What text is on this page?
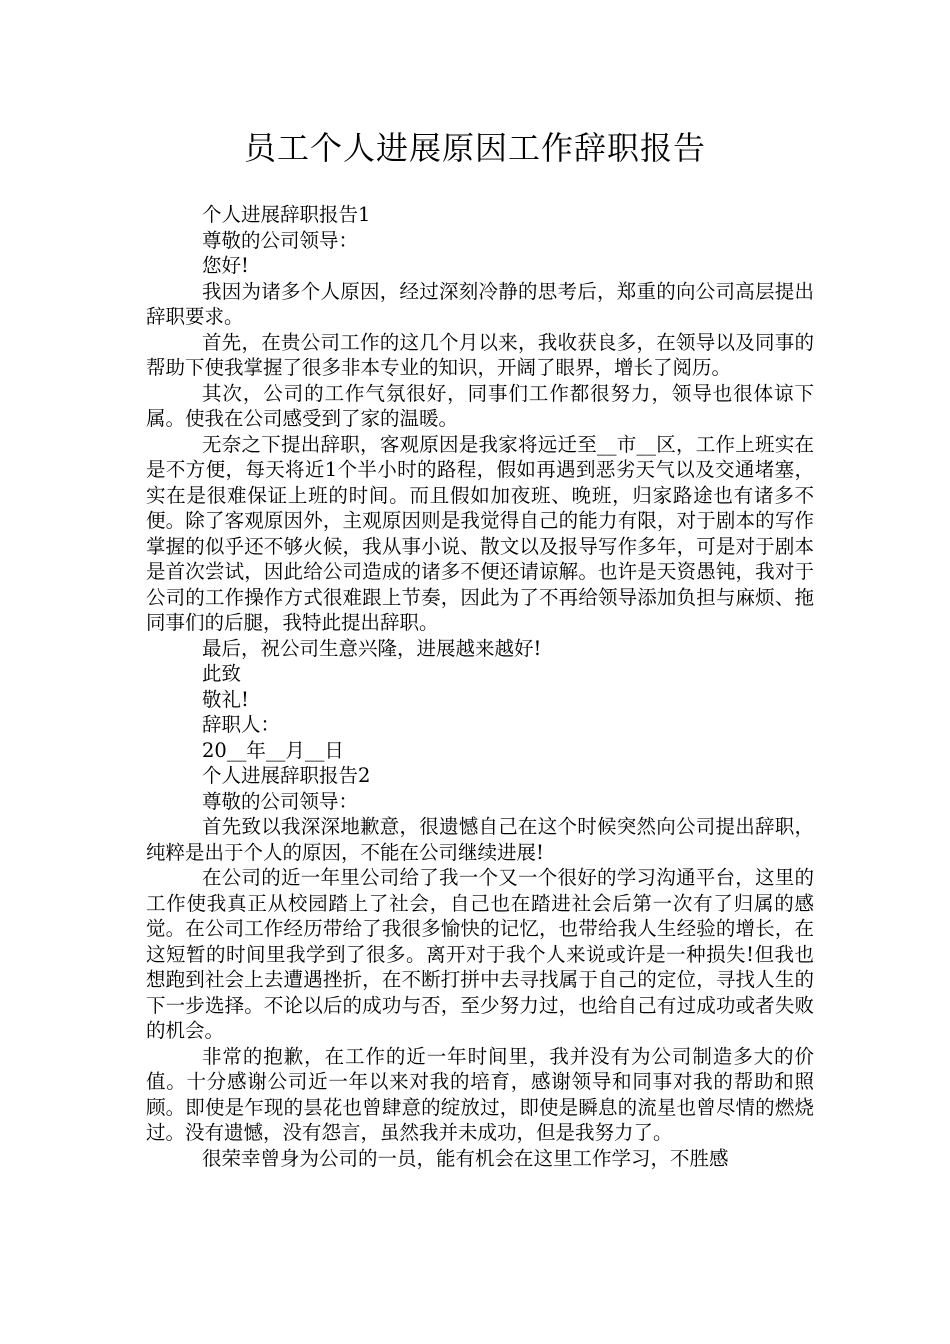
员工个人进展原因工作辞职报告

个人进展辞职报告1

尊敬的公司领导：

您好!

我因为诸多个人原因，经过深刻冷静的思考后，郑重的向公司高层提出辞职要求。

首先，在贵公司工作的这几个月以来，我收获良多，在领导以及同事的帮助下使我掌握了很多非本专业的知识，开阔了眼界，增长了阅历。

其次，公司的工作气氛很好，同事们工作都很努力，领导也很体谅下属。使我在公司感受到了家的温暖。

无奈之下提出辞职，客观原因是我家将远迁至__市__区，工作上班实在是不方便，每天将近1个半小时的路程，假如再遇到恶劣天气以及交通堵塞，实在是很难保证上班的时间。而且假如加夜班、晚班，归家路途也有诸多不便。除了客观原因外，主观原因则是我觉得自己的能力有限，对于剧本的写作掌握的似乎还不够火候，我从事小说、散文以及报导写作多年，可是对于剧本是首次尝试，因此给公司造成的诸多不便还请谅解。也许是天资愚钝，我对于公司的工作操作方式很难跟上节奏，因此为了不再给领导添加负担与麻烦、拖同事们的后腿，我特此提出辞职。

最后，祝公司生意兴隆，进展越来越好!

此致

敬礼!

辞职人：

20__年__月__日

个人进展辞职报告2

尊敬的公司领导：

首先致以我深深地歉意，很遗憾自己在这个时候突然向公司提出辞职，纯粹是出于个人的原因，不能在公司继续进展!

在公司的近一年里公司给了我一个又一个很好的学习沟通平台，这里的工作使我真正从校园踏上了社会，自己也在踏进社会后第一次有了归属的感觉。在公司工作经历带给了我很多愉快的记忆，也带给我人生经验的增长，在这短暂的时间里我学到了很多。离开对于我个人来说或许是一种损失!但我也想跑到社会上去遭遇挫折，在不断打拼中去寻找属于自己的定位，寻找人生的下一步选择。不论以后的成功与否，至少努力过，也给自己有过成功或者失败的机会。

非常的抱歉，在工作的近一年时间里，我并没有为公司制造多大的价值。十分感谢公司近一年以来对我的培育，感谢领导和同事对我的帮助和照顾。即使是乍现的昙花也曾肆意的绽放过，即使是瞬息的流星也曾尽情的燃烧过。没有遗憾，没有怨言，虽然我并未成功，但是我努力了。

很荣幸曾身为公司的一员，能有机会在这里工作学习，不胜感
